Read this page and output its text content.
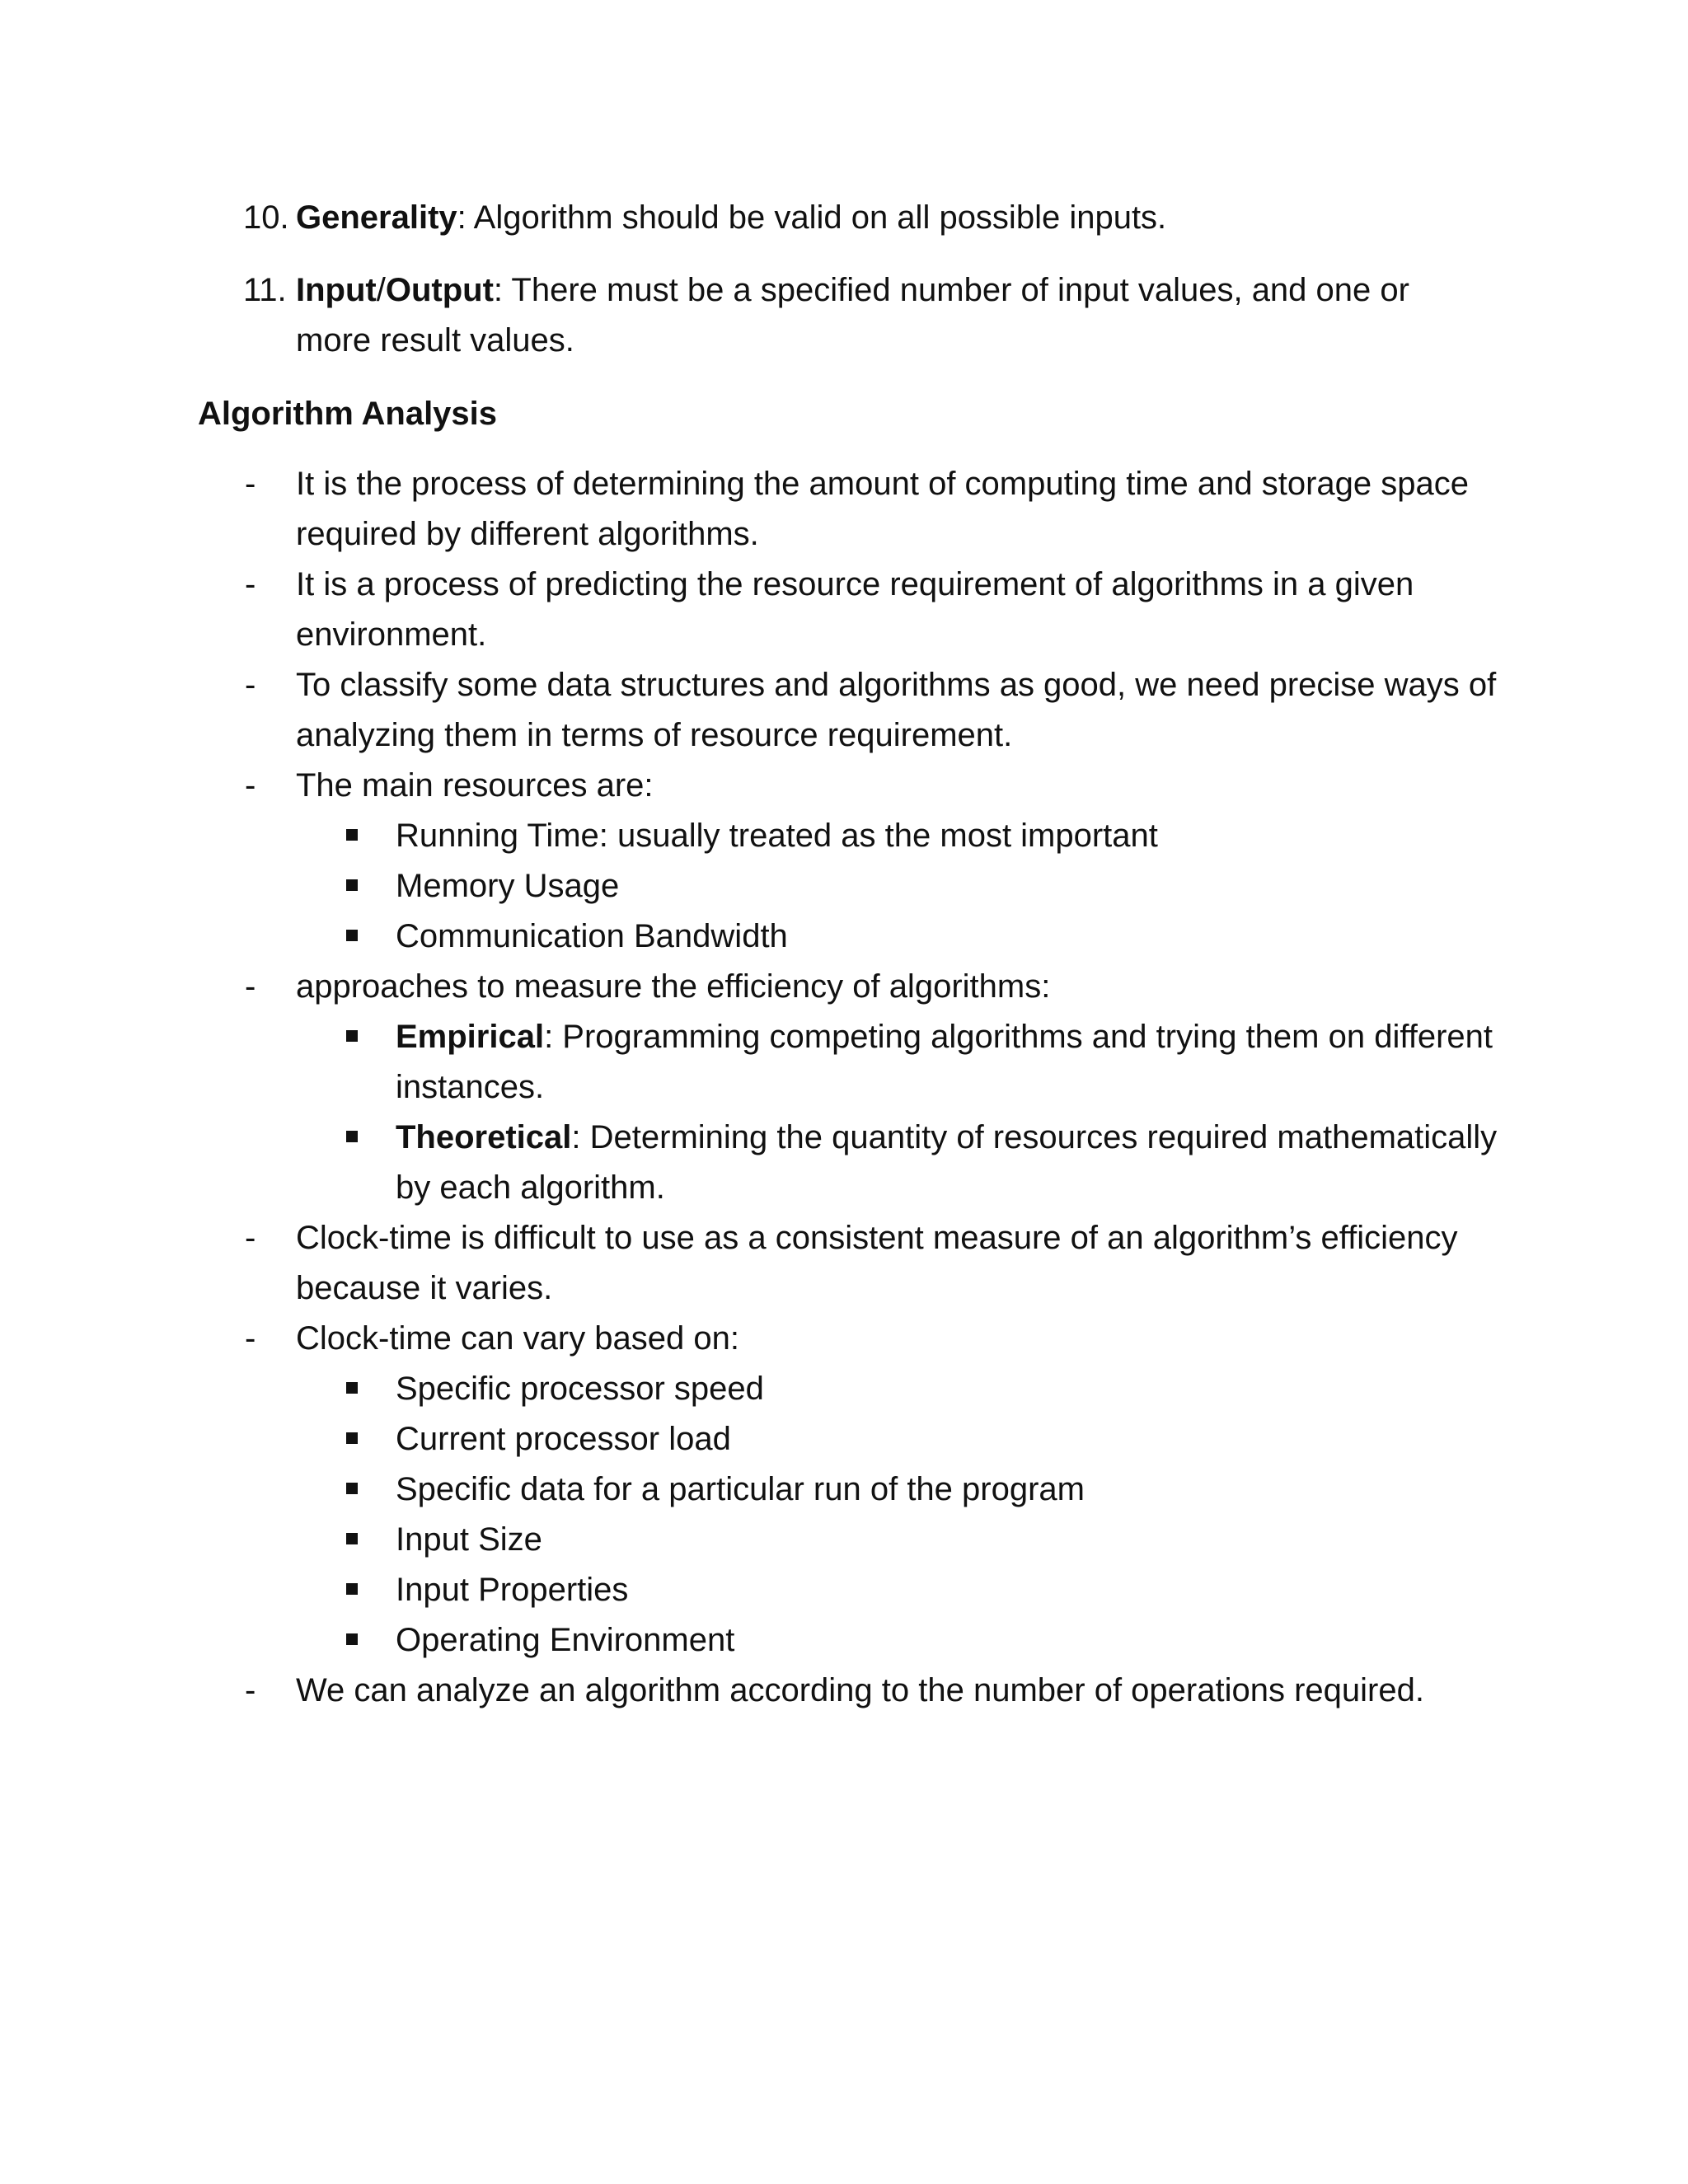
10. Generality: Algorithm should be valid on all possible inputs.
11. Input/Output: There must be a specified number of input values, and one or more result values.
Algorithm Analysis
- It is the process of determining the amount of computing time and storage space required by different algorithms.
- It is a process of predicting the resource requirement of algorithms in a given environment.
- To classify some data structures and algorithms as good, we need precise ways of analyzing them in terms of resource requirement.
- The main resources are:
Running Time: usually treated as the most important
Memory Usage
Communication Bandwidth
- approaches to measure the efficiency of algorithms:
Empirical: Programming competing algorithms and trying them on different instances.
Theoretical: Determining the quantity of resources required mathematically by each algorithm.
- Clock-time is difficult to use as a consistent measure of an algorithm’s efficiency because it varies.
- Clock-time can vary based on:
Specific processor speed
Current processor load
Specific data for a particular run of the program
Input Size
Input Properties
Operating Environment
- We can analyze an algorithm according to the number of operations required.
